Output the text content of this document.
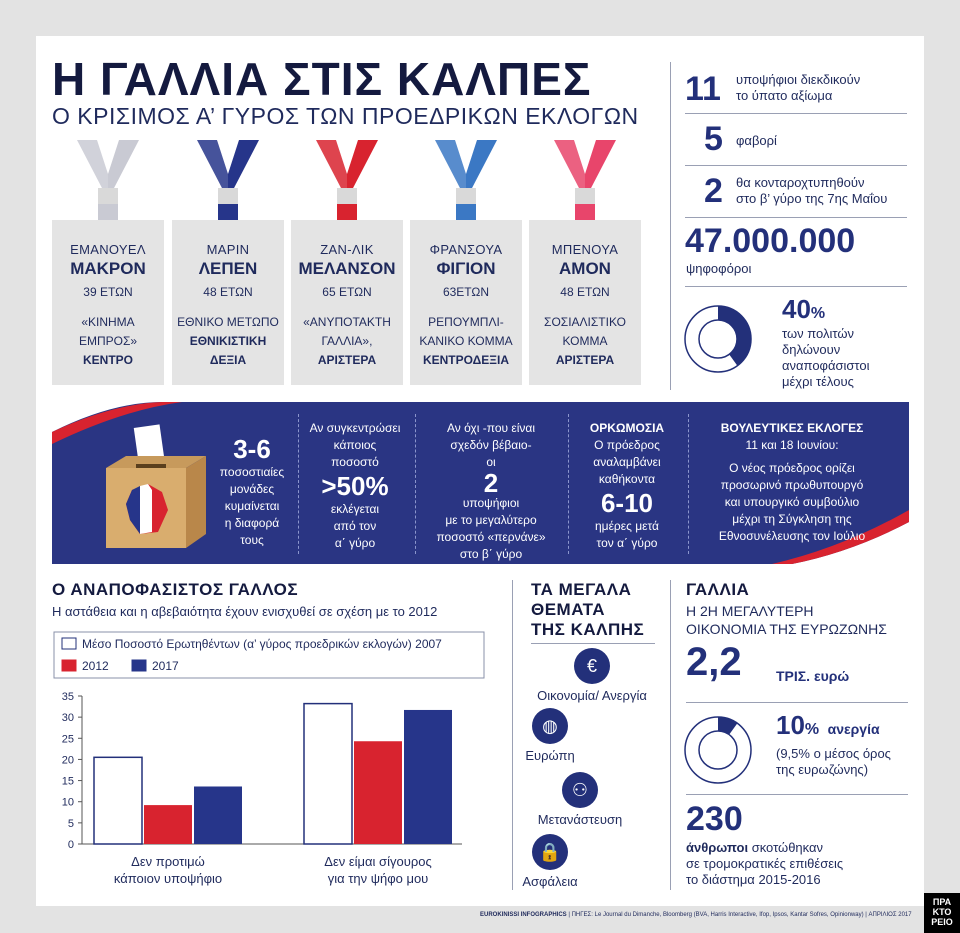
Η ΓΑΛΛΙΑ ΣΤΙΣ ΚΑΛΠΕΣ
Ο ΚΡΙΣΙΜΟΣ Α’ ΓΥΡΟΣ ΤΩΝ ΠΡΟΕΔΡΙΚΩΝ ΕΚΛΟΓΩΝ
ΕΜΑΝΟΥΕΛ
ΜΑΚΡΟΝ
39 ΕΤΩΝ
«ΚΙΝΗΜΑ ΕΜΠΡΟΣ»
ΚΕΝΤΡΟ
ΜΑΡΙΝ
ΛΕΠΕΝ
48 ΕΤΩΝ
ΕΘΝΙΚΟ ΜΕΤΩΠΟ
ΕΘΝΙΚΙΣΤΙΚΗ ΔΕΞΙΑ
ΖΑΝ-ΛΙΚ
ΜΕΛΑΝΣΟΝ
65 ΕΤΩΝ
«ΑΝΥΠΟΤΑΚΤΗ ΓΑΛΛΙΑ»,
ΑΡΙΣΤΕΡΑ
ΦΡΑΝΣΟΥΑ
ΦΙΓΙΟΝ
63ΕΤΩΝ
ΡΕΠΟΥΜΠΛΙ-ΚΑΝΙΚΟ ΚΟΜΜΑ
ΚΕΝΤΡΟΔΕΞΙΑ
ΜΠΕΝΟΥΑ
ΑΜΟΝ
48 ΕΤΩΝ
ΣΟΣΙΑΛΙΣΤΙΚΟ ΚΟΜΜΑ
ΑΡΙΣΤΕΡΑ
11 υποψήφιοι διεκδικούν
το ύπατο αξίωμα
5 φαβορί
2 θα κονταροχτυπηθούν
στο β’ γύρο της 7ης Μαΐου
47.000.000
ψηφοφόροι
40%
των πολιτών
δηλώνουν
αναποφάσιστοι
μέχρι τέλους
3-6
ποσοστιαίες
μονάδες
κυμαίνεται
η διαφορά
τους
Αν συγκεντρώσει
κάποιος
ποσοστό
>50%
εκλέγεται
από τον
α΄ γύρο
Αν όχι -που είναι
σχεδόν βέβαιο-
οι
2
υποψήφιοι
με το μεγαλύτερο
ποσοστό «περνάνε»
στο β΄ γύρο
ΟΡΚΩΜΟΣΙΑ
Ο πρόεδρος
αναλαμβάνει
καθήκοντα
6-10
ημέρες μετά
τον α΄ γύρο
ΒΟΥΛΕΥΤΙΚΕΣ ΕΚΛΟΓΕΣ
11 και 18 Ιουνίου:
Ο νέος πρόεδρος ορίζει
προσωρινό πρωθυπουργό
και υπουργικό συμβούλιο
μέχρι τη Σύγκληση της
Εθνοσυνέλευσης τον Ιούλιο
Ο ΑΝΑΠΟΦΑΣΙΣΤΟΣ ΓΑΛΛΟΣ
Η αστάθεια και η αβεβαιότητα έχουν ενισχυθεί σε σχέση με το 2012
Μέσο Ποσοστό Ερωτηθέντων (α’ γύρος προεδρικών εκλογών) 2007
2012	2017
0
5
10
15
20
25
30
35
Δεν προτιμώ
κάποιον υποψήφιο
Δεν είμαι σίγουρος
για την ψήφο μου
ΤΑ ΜΕΓΑΛΑ
ΘΕΜΑΤΑ
ΤΗΣ ΚΑΛΠΗΣ
€
Οικονομία/ Ανεργία
◍
Ευρώπη
⚇
Μετανάστευση
🔒
Ασφάλεια
ΓΑΛΛΙΑ
Η 2Η ΜΕΓΑΛΥΤΕΡΗ
ΟΙΚΟΝΟΜΙΑ ΤΗΣ ΕΥΡΩΖΩΝΗΣ
2,2 ΤΡΙΣ. ευρώ
10% ανεργία
(9,5% ο μέσος όρος
της ευρωζώνης)
230
άνθρωποι σκοτώθηκαν
σε τρομοκρατικές επιθέσεις
το διάστημα 2015-2016
EUROKINISSI INFOGRAPHICS | ΠΗΓΕΣ: Le Journal du Dimanche, Bloomberg (BVA, Harris Interactive, Ifop, Ipsos, Kantar Sofres, Opinionway) | ΑΠΡΙΛΙΟΣ 2017
ΠΡΑ
ΚΤΟ
ΡΕΙΟ
